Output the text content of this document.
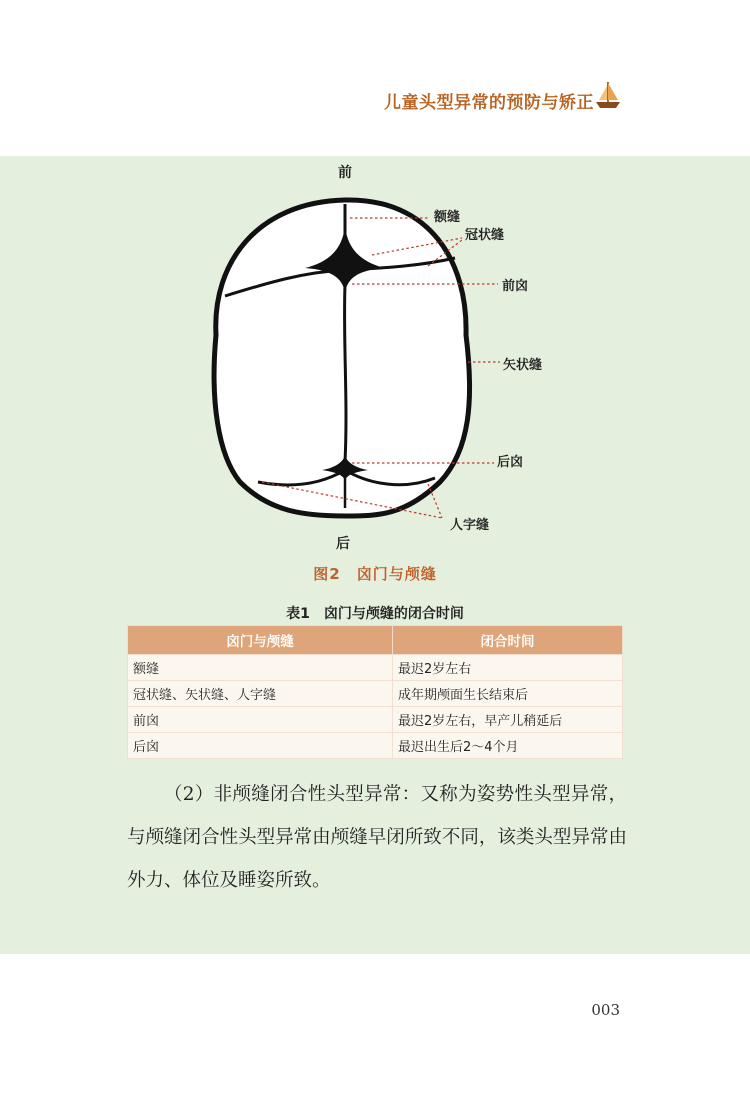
儿童头型异常的预防与矫正
前
后
额缝
冠状缝
前囟
矢状缝
后囟
人字缝
图2　囟门与颅缝
表1　囟门与颅缝的闭合时间
囟门与颅缝	闭合时间
额缝	最迟2岁左右
冠状缝、矢状缝、人字缝	成年期颅面生长结束后
前囟	最迟2岁左右，早产儿稍延后
后囟	最迟出生后2～4个月
（2）非颅缝闭合性头型异常：又称为姿势性头型异常，与颅缝闭合性头型异常由颅缝早闭所致不同，该类头型异常由外力、体位及睡姿所致。
003
